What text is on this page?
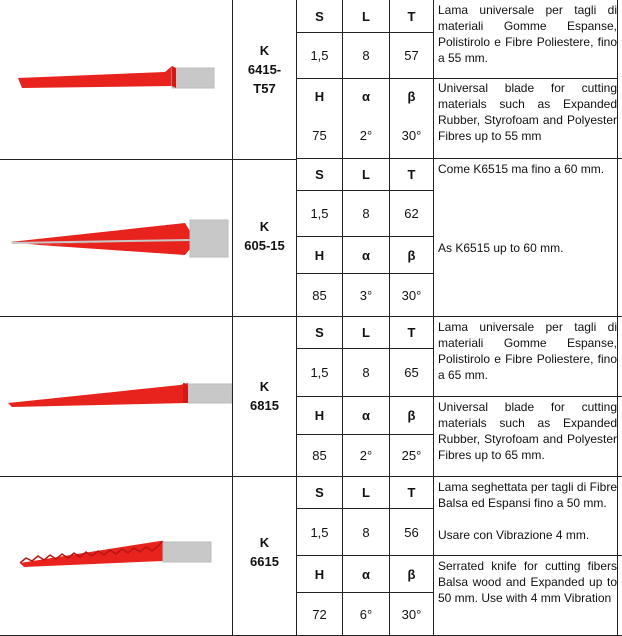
K
6415-
T57
S	L	T
1,5	8	57
H	α	β
75	2°	30°
Lama universale per tagli di materiali Gomme Espanse, Polistirolo e Fibre Poliestere, fino a 55 mm.
Universal blade for cutting materials such as Expanded Rubber, Styrofoam and Polyester Fibres up to 55 mm
K
605-15
S	L	T
1,5	8	62
H	α	β
85	3°	30°
Come K6515 ma fino a 60 mm.
As K6515 up to 60 mm.
K
6815
S	L	T
1,5	8	65
H	α	β
85	2°	25°
Lama universale per tagli di materiali Gomme Espanse, Polistirolo e Fibre Poliestere, fino a 65 mm.
Universal blade for cutting materials such as Expanded Rubber, Styrofoam and Polyester Fibres up to 65 mm.
K
6615
S	L	T
1,5	8	56
H	α	β
72	6°	30°
Lama seghettata per tagli di Fibre Balsa ed Espansi fino a 50 mm.
Usare con Vibrazione 4 mm.
Serrated knife for cutting fibers Balsa wood and Expanded up to 50 mm. Use with 4 mm Vibration
